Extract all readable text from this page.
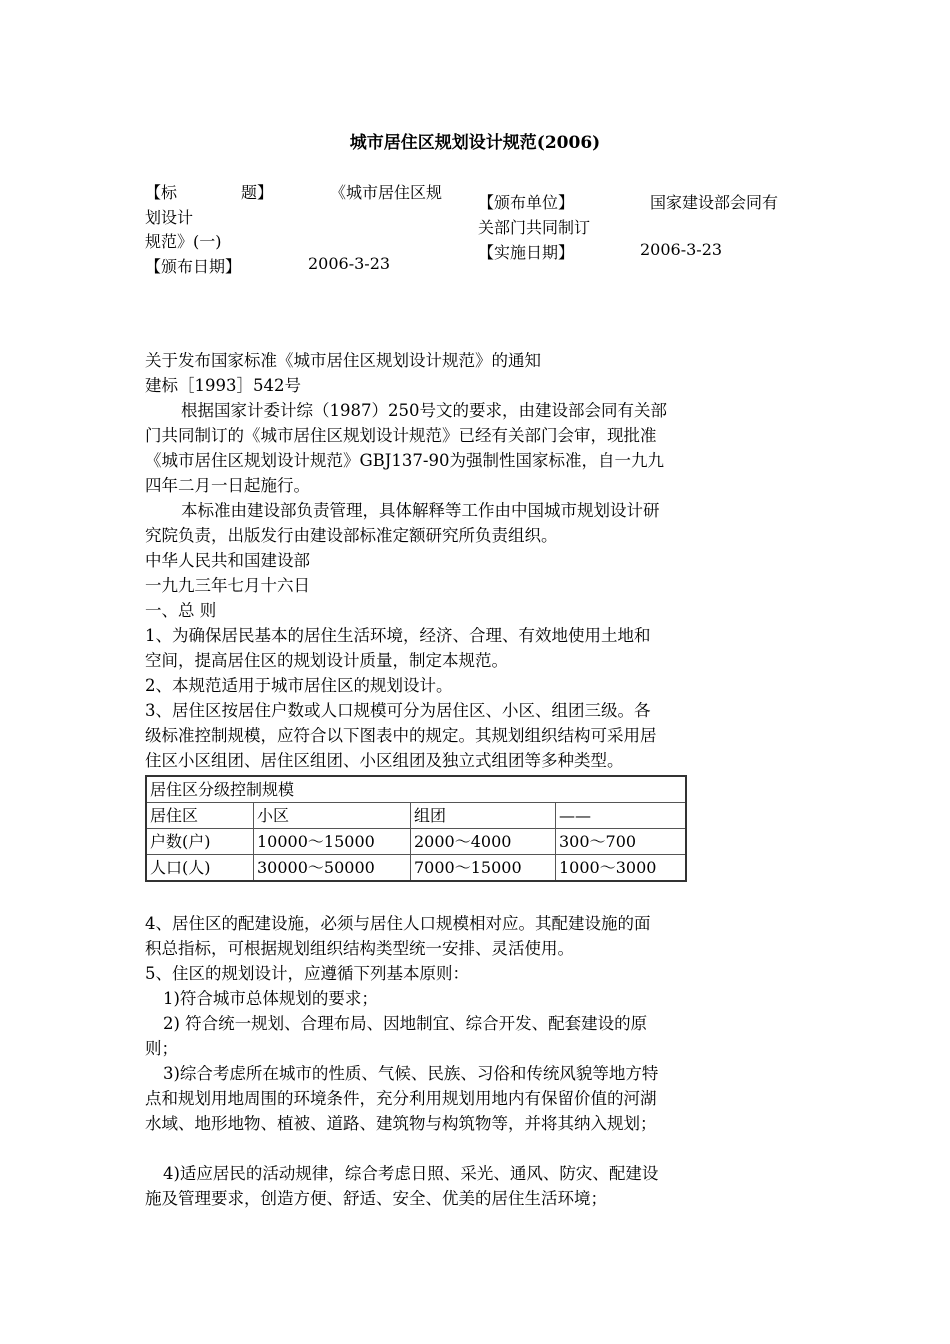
城市居住区规划设计规范(2006)
【标　　　　题】	《城市居住区规
划设计
规范》(一)
【颁布日期】	2006-3-23
【颁布单位】	国家建设部会同有
关部门共同制订
【实施日期】	2006-3-23

关于发布国家标准《城市居住区规划设计规范》的通知

建标［1993］542号

根据国家计委计综（1987）250号文的要求，由建设部会同有关部

门共同制订的《城市居住区规划设计规范》已经有关部门会审，现批准

《城市居住区规划设计规范》GBJ137-90为强制性国家标准，自一九九

四年二月一日起施行。

本标准由建设部负责管理，具体解释等工作由中国城市规划设计研

究院负责，出版发行由建设部标准定额研究所负责组织。

中华人民共和国建设部

一九九三年七月十六日

一、总 则

1、为确保居民基本的居住生活环境，经济、合理、有效地使用土地和

空间，提高居住区的规划设计质量，制定本规范。

2、本规范适用于城市居住区的规划设计。

3、居住区按居住户数或人口规模可分为居住区、小区、组团三级。各

级标准控制规模，应符合以下图表中的规定。其规划组织结构可采用居

住区小区组团、居住区组团、小区组团及独立式组团等多种类型。

居住区分级控制规模			
居住区	小区	组团	——
户数(户)	10000～15000	2000～4000	300～700
人口(人)	30000～50000	7000～15000	1000～3000

4、居住区的配建设施，必须与居住人口规模相对应。其配建设施的面

积总指标，可根据规划组织结构类型统一安排、灵活使用。

5、住区的规划设计，应遵循下列基本原则：

1)符合城市总体规划的要求；

2) 符合统一规划、合理布局、因地制宜、综合开发、配套建设的原

则；

3)综合考虑所在城市的性质、气候、民族、习俗和传统风貌等地方特

点和规划用地周围的环境条件，充分利用规划用地内有保留价值的河湖

水域、地形地物、植被、道路、建筑物与构筑物等，并将其纳入规划；

4)适应居民的活动规律，综合考虑日照、采光、通风、防灾、配建设

施及管理要求，创造方便、舒适、安全、优美的居住生活环境；
